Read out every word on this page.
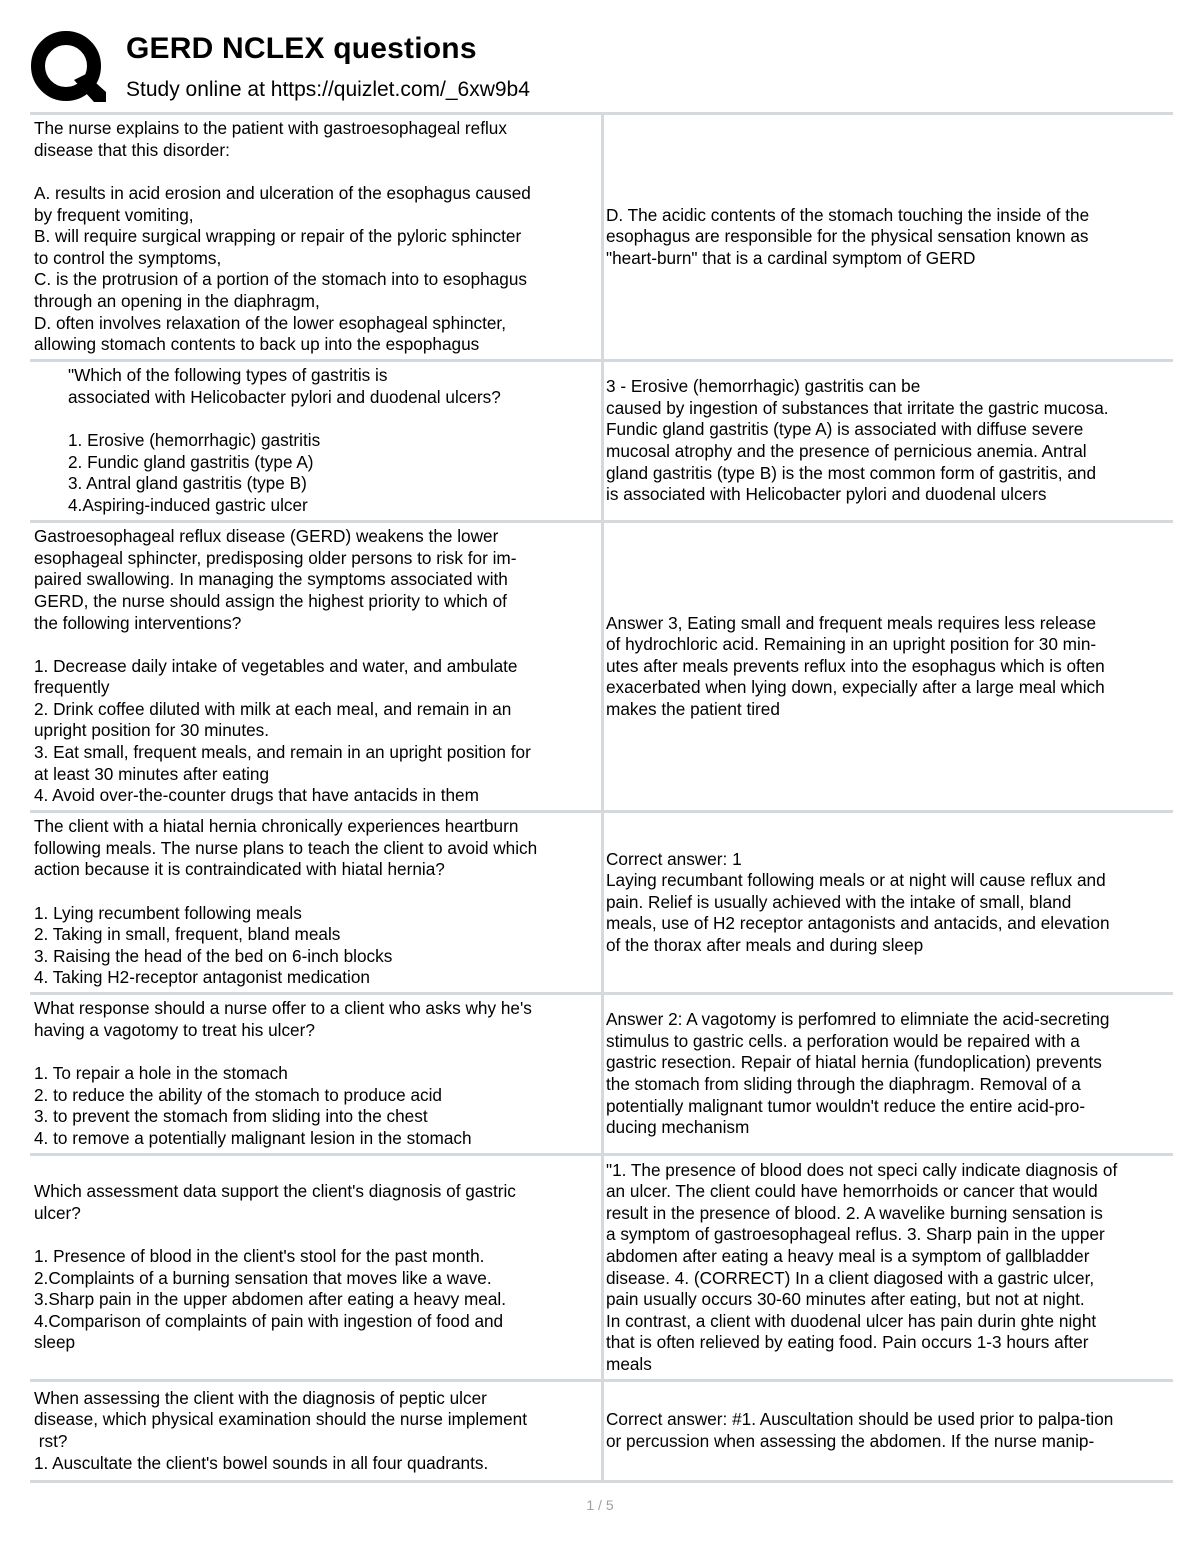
GERD NCLEX questions
Study online at https://quizlet.com/_6xw9b4
The nurse explains to the patient with gastroesophageal reflux
disease that this disorder:

A. results in acid erosion and ulceration of the esophagus caused
by frequent vomiting,
B. will require surgical wrapping or repair of the pyloric sphincter
to control the symptoms,
C. is the protrusion of a portion of the stomach into to esophagus
through an opening in the diaphragm,
D. often involves relaxation of the lower esophageal sphincter,
allowing stomach contents to back up into the espophagus
D. The acidic contents of the stomach touching the inside of the
esophagus are responsible for the physical sensation known as
"heart-burn" that is a cardinal symptom of GERD
"Which of the following types of gastritis is
associated with Helicobacter pylori and duodenal ulcers?

1. Erosive (hemorrhagic) gastritis
2. Fundic gland gastritis (type A)
3. Antral gland gastritis (type B)
4.Aspiring-induced gastric ulcer
3 - Erosive (hemorrhagic) gastritis can be
caused by ingestion of substances that irritate the gastric mucosa.
Fundic gland gastritis (type A) is associated with diffuse severe
mucosal atrophy and the presence of pernicious anemia. Antral
gland gastritis (type B) is the most common form of gastritis, and
is associated with Helicobacter pylori and duodenal ulcers
Gastroesophageal reflux disease (GERD) weakens the lower
esophageal sphincter, predisposing older persons to risk for im-
paired swallowing. In managing the symptoms associated with
GERD, the nurse should assign the highest priority to which of
the following interventions?

1. Decrease daily intake of vegetables and water, and ambulate
frequently
2. Drink coffee diluted with milk at each meal, and remain in an
upright position for 30 minutes.
3. Eat small, frequent meals, and remain in an upright position for
at least 30 minutes after eating
4. Avoid over-the-counter drugs that have antacids in them
Answer 3, Eating small and frequent meals requires less release
of hydrochloric acid. Remaining in an upright position for 30 min-
utes after meals prevents reflux into the esophagus which is often
exacerbated when lying down, expecially after a large meal which
makes the patient tired
The client with a hiatal hernia chronically experiences heartburn
following meals. The nurse plans to teach the client to avoid which
action because it is contraindicated with hiatal hernia?

1. Lying recumbent following meals
2. Taking in small, frequent, bland meals
3. Raising the head of the bed on 6-inch blocks
4. Taking H2-receptor antagonist medication
Correct answer: 1
Laying recumbant following meals or at night will cause reflux and
pain. Relief is usually achieved with the intake of small, bland
meals, use of H2 receptor antagonists and antacids, and elevation
of the thorax after meals and during sleep
What response should a nurse offer to a client who asks why he's
having a vagotomy to treat his ulcer?

1. To repair a hole in the stomach
2. to reduce the ability of the stomach to produce acid
3. to prevent the stomach from sliding into the chest
4. to remove a potentially malignant lesion in the stomach
Answer 2: A vagotomy is perfomred to elimniate the acid-secreting
stimulus to gastric cells. a perforation would be repaired with a
gastric resection. Repair of hiatal hernia (fundoplication) prevents
the stomach from sliding through the diaphragm. Removal of a
potentially malignant tumor wouldn't reduce the entire acid-pro-
ducing mechanism
Which assessment data support the client's diagnosis of gastric
ulcer?

1. Presence of blood in the client's stool for the past month.
2.Complaints of a burning sensation that moves like a wave.
3.Sharp pain in the upper abdomen after eating a heavy meal.
4.Comparison of complaints of pain with ingestion of food and
sleep
"1. The presence of blood does not speci cally indicate diagnosis of
an ulcer. The client could have hemorrhoids or cancer that would
result in the presence of blood. 2. A wavelike burning sensation is
a symptom of gastroesophageal reflus. 3. Sharp pain in the upper
abdomen after eating a heavy meal is a symptom of gallbladder
disease. 4. (CORRECT) In a client diagosed with a gastric ulcer,
pain usually occurs 30-60 minutes after eating, but not at night.
In contrast, a client with duodenal ulcer has pain durin ghte night
that is often relieved by eating food. Pain occurs 1-3 hours after
meals
When assessing the client with the diagnosis of peptic ulcer
disease, which physical examination should the nurse implement
rst?
1. Auscultate the client's bowel sounds in all four quadrants.
Correct answer: #1. Auscultation should be used prior to palpa-tion
or percussion when assessing the abdomen. If the nurse manip-
1 / 5
